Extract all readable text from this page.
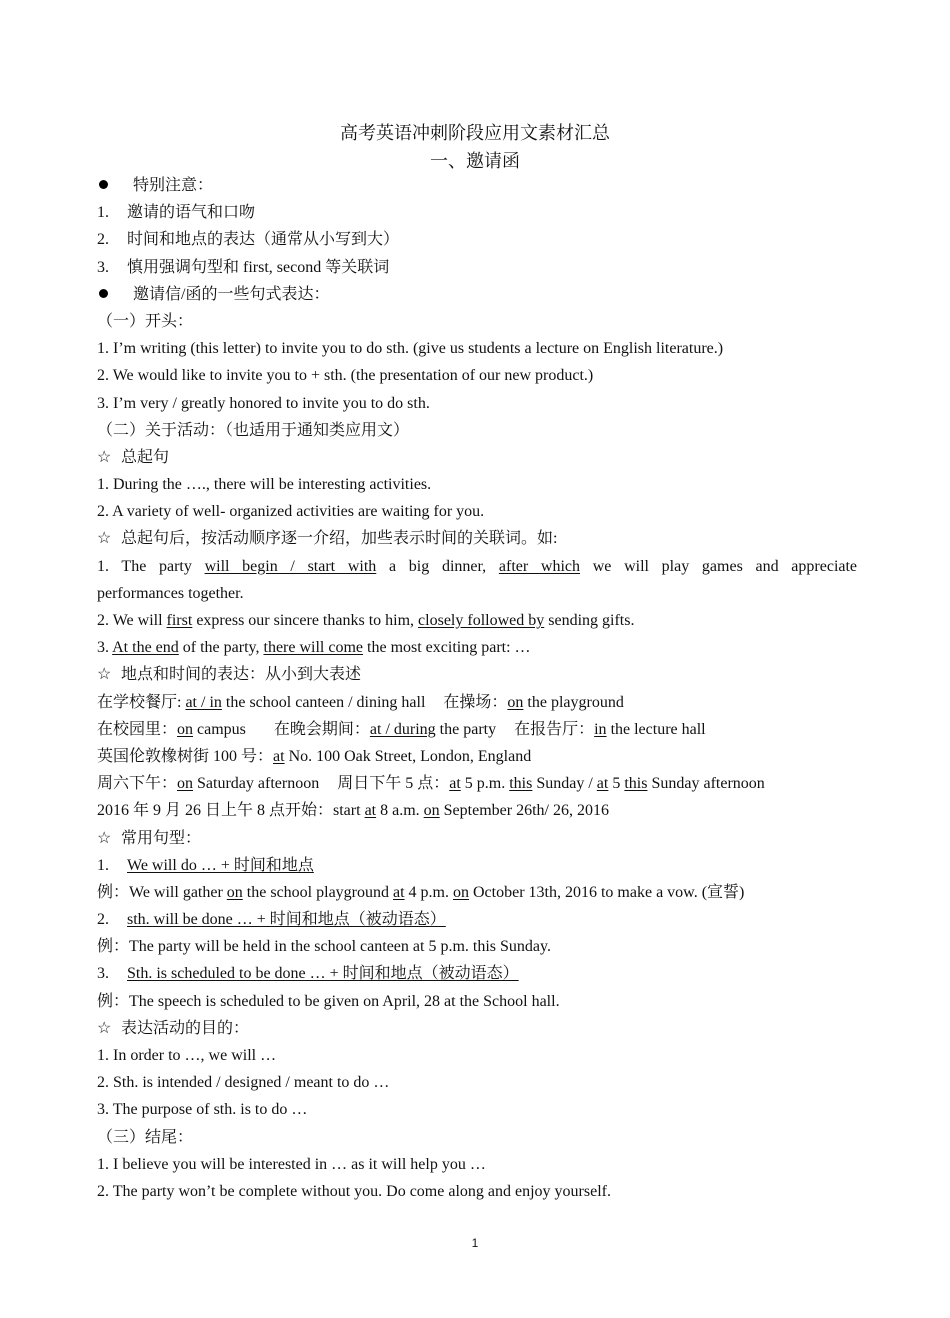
高考英语冲刺阶段应用文素材汇总
一、邀请函
特别注意：
1. 邀请的语气和口吻
2. 时间和地点的表达（通常从小写到大）
3. 慎用强调句型和 first, second 等关联词
邀请信/函的一些句式表达：
（一）开头：
1. I’m writing (this letter) to invite you to do sth. (give us students a lecture on English literature.)
2. We would like to invite you to + sth. (the presentation of our new product.)
3. I’m very / greatly honored to invite you to do sth.
（二）关于活动：（也适用于通知类应用文）
☆ 总起句
1. During the …., there will be interesting activities.
2. A variety of well- organized activities are waiting for you.
☆ 总起句后，按活动顺序逐一介绍，加些表示时间的关联词。如:
1. The party will begin / start with a big dinner, after which we will play games and appreciate
performances together.
2. We will first express our sincere thanks to him, closely followed by sending gifts.
3. At the end of the party, there will come the most exciting part: …
☆ 地点和时间的表达：从小到大表述
在学校餐厅: at / in the school canteen / dining hall 在操场：on the playground
在校园里：on campus 在晚会期间：at / during the party 在报告厅：in the lecture hall
英国伦敦橡树街 100 号：at No. 100 Oak Street, London, England
周六下午：on Saturday afternoon 周日下午 5 点：at 5 p.m. this Sunday / at 5 this Sunday afternoon
2016 年 9 月 26 日上午 8 点开始：start at 8 a.m. on September 26th/ 26, 2016
☆ 常用句型：
1. We will do … + 时间和地点
例：We will gather on the school playground at 4 p.m. on October 13th, 2016 to make a vow. (宣誓)
2. sth. will be done … + 时间和地点（被动语态）
例：The party will be held in the school canteen at 5 p.m. this Sunday.
3. Sth. is scheduled to be done … + 时间和地点（被动语态）
例：The speech is scheduled to be given on April, 28 at the School hall.
☆ 表达活动的目的：
1. In order to …, we will …
2. Sth. is intended / designed / meant to do …
3. The purpose of sth. is to do …
（三）结尾：
1. I believe you will be interested in … as it will help you …
2. The party won’t be complete without you. Do come along and enjoy yourself.
1
